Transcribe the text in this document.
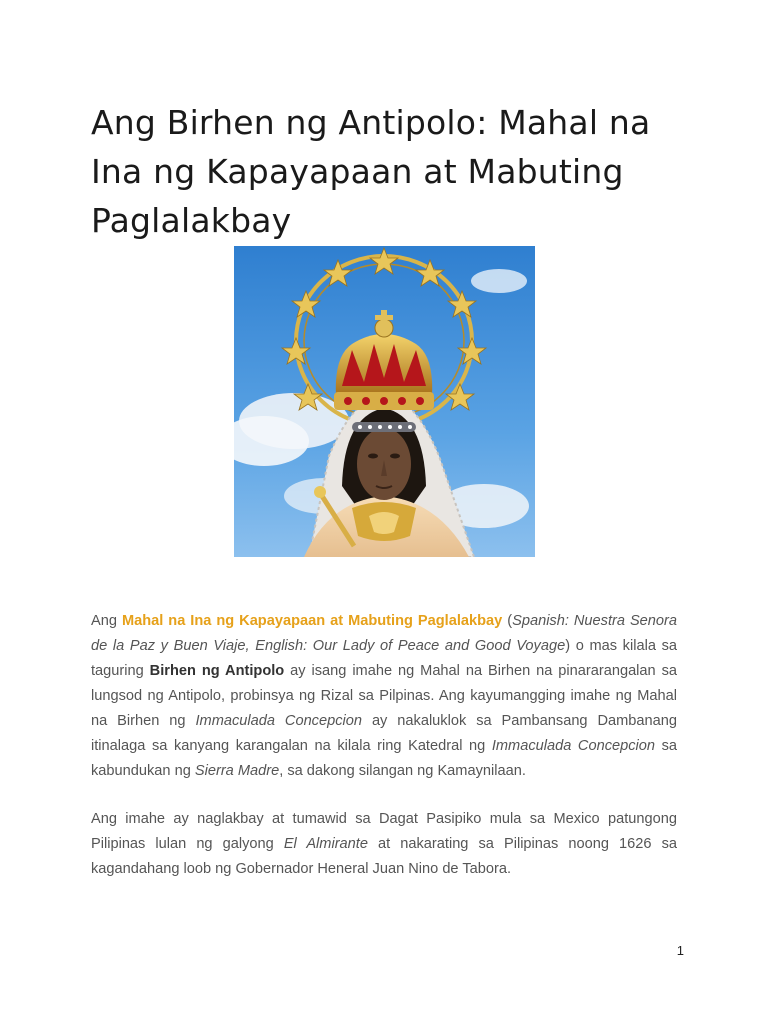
Ang Birhen ng Antipolo: Mahal na Ina ng Kapayapaan at Mabuting Paglalakbay

Ang Mahal na Ina ng Kapayapaan at Mabuting Paglalakbay (Spanish: Nuestra Senora de la Paz y Buen Viaje, English: Our Lady of Peace and Good Voyage) o mas kilala sa taguring Birhen ng Antipolo ay isang imahe ng Mahal na Birhen na pinararangalan sa lungsod ng Antipolo, probinsya ng Rizal sa Pilpinas. Ang kayumangging imahe ng Mahal na Birhen ng Immaculada Concepcion ay nakaluklok sa Pambansang Dambanang itinalaga sa kanyang karangalan na kilala ring Katedral ng Immaculada Concepcion sa kabundukan ng Sierra Madre, sa dakong silangan ng Kamaynilaan.

Ang imahe ay naglakbay at tumawid sa Dagat Pasipiko mula sa Mexico patungong Pilipinas lulan ng galyong El Almirante at nakarating sa Pilipinas noong 1626 sa kagandahang loob ng Gobernador Heneral Juan Nino de Tabora.

1
